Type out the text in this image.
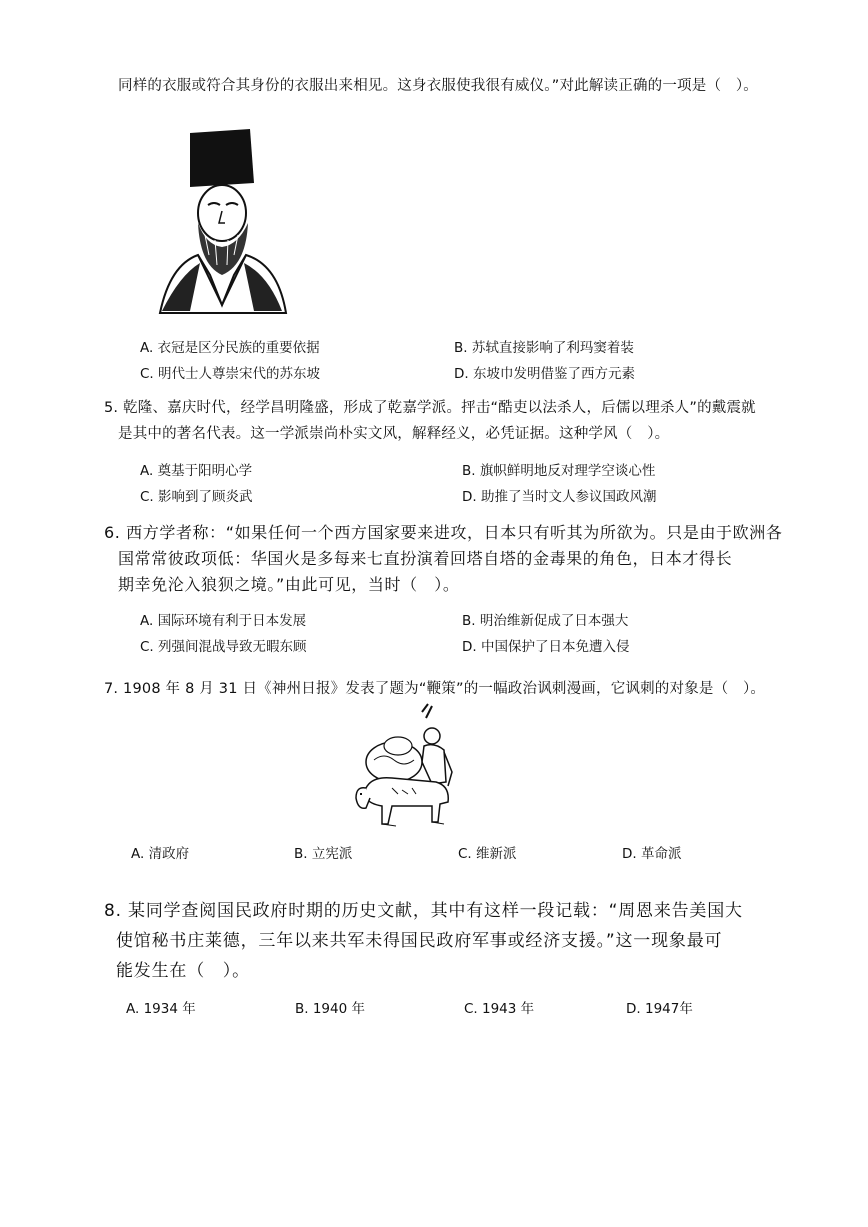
同样的衣服或符合其身份的衣服出来相见。这身衣服使我很有威仪。”对此解读正确的一项是（　）。
A. 衣冠是区分民族的重要依据	B. 苏轼直接影响了利玛窦着装
C. 明代士人尊崇宋代的苏东坡	D. 东坡巾发明借鉴了西方元素
5. 乾隆、嘉庆时代，经学昌明隆盛，形成了乾嘉学派。抨击“酷吏以法杀人，后儒以理杀人”的戴震就
是其中的著名代表。这一学派崇尚朴实文风，解释经义，必凭证据。这种学风（　）。
A. 奠基于阳明心学	B. 旗帜鲜明地反对理学空谈心性
C. 影响到了顾炎武	D. 助推了当时文人参议国政风潮
6. 西方学者称：“如果任何一个西方国家要来进攻，日本只有听其为所欲为。只是由于欧洲各
国常常彼政项低：华国火是多每来七直扮演着回塔自塔的金毒果的角色，日本才得长
期幸免沦入狼狈之境。”由此可见，当时（　）。
A. 国际环境有利于日本发展	B. 明治维新促成了日本强大
C. 列强间混战导致无暇东顾	D. 中国保护了日本免遭入侵
7. 1908 年 8 月 31 日《神州日报》发表了题为“鞭策”的一幅政治讽刺漫画，它讽刺的对象是（　）。
A. 清政府	B. 立宪派	C. 维新派	D. 革命派
8. 某同学查阅国民政府时期的历史文献，其中有这样一段记载：“周恩来告美国大
使馆秘书庄莱德，三年以来共军未得国民政府军事或经济支援。”这一现象最可
能发生在（　）。
A. 1934 年	B. 1940 年	C. 1943 年	D. 1947年
